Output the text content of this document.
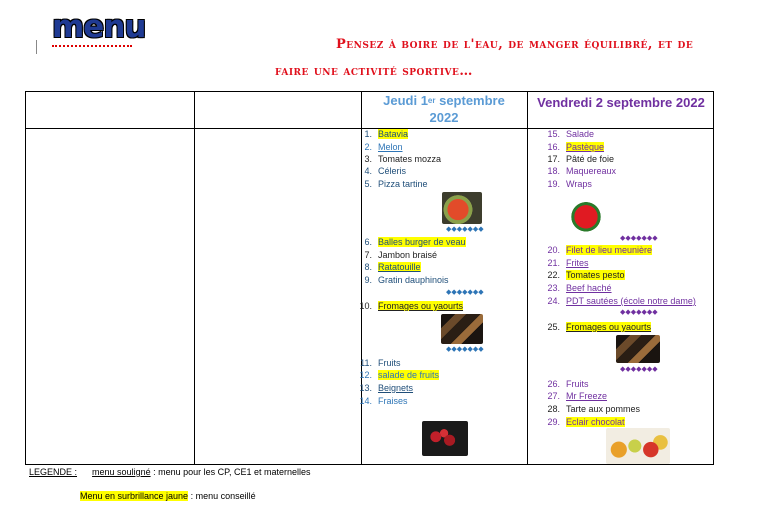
menu	Pensez à boire de l'eau, de manger équilibré, et de
faire une activité sportive…
Jeudi 1er septembre
2022
Vendredi 2 septembre 2022
1. Batavia
2. Melon
3. Tomates mozza
4. Céleris
5. Pizza tartine
6. Balles burger de veau
7. Jambon braisé
8. Ratatouille
9. Gratin dauphinois
10. Fromages ou yaourts
11. Fruits
12. salade de fruits
13. Beignets
14. Fraises
◆◆◆◆◆◆◆
◆◆◆◆◆◆◆
◆◆◆◆◆◆◆
15. Salade
16. Pastèque
17. Pâté de foie
18. Maquereaux
19. Wraps
20. Filet de lieu meunière
21. Frites
22. Tomates pesto
23. Beef haché
24. PDT sautées (école notre dame)
25. Fromages ou yaourts
26. Fruits
27. Mr Freeze
28. Tarte aux pommes
29. Eclair chocolat
◆◆◆◆◆◆◆
◆◆◆◆◆◆◆
◆◆◆◆◆◆◆
LEGENDE : menu souligné : menu pour les CP, CE1 et maternelles
Menu en surbrillance jaune : menu conseillé
